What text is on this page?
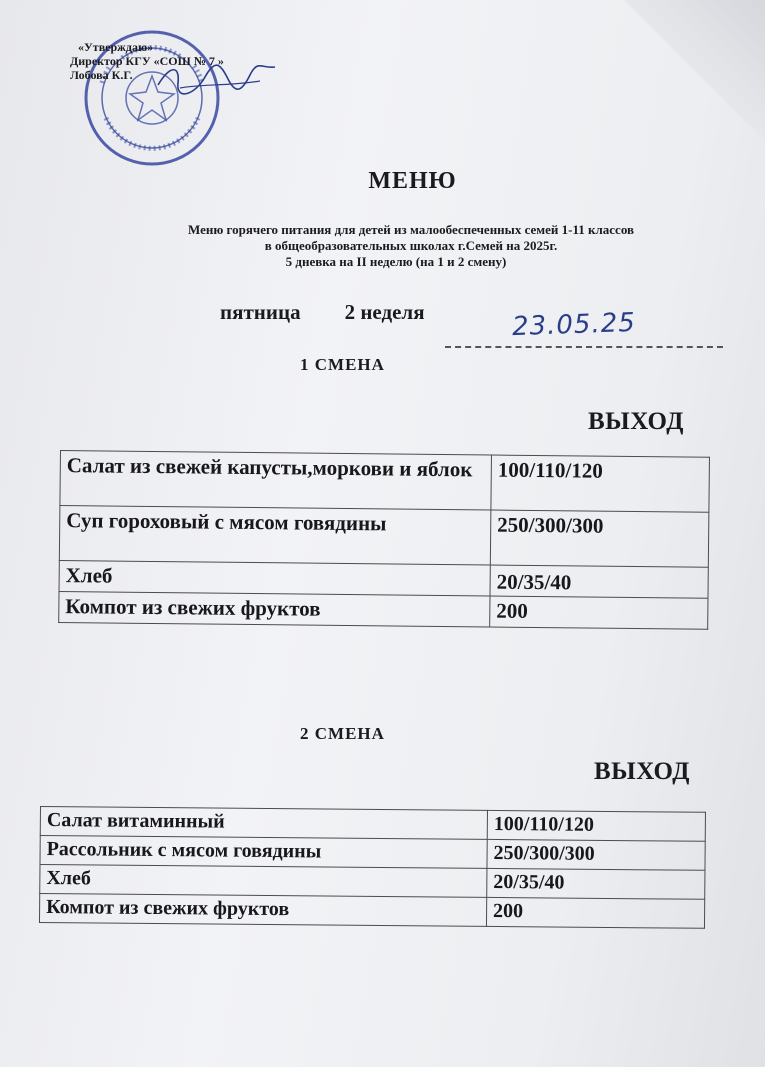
«Утверждаю»
Директор КГУ «СОШ № 7 »
Лобова К.Г.
МЕНЮ
Меню горячего питания для детей из малообеспеченных семей 1-11 классов
в общеобразовательных школах г.Семей на 2025г.
5 дневка на II неделю (на 1 и 2 смену)
пятница 2 неделя	23.05.25
1 СМЕНА
ВЫХОД
Салат из свежей капусты,моркови и яблок	100/110/120
Суп гороховый с мясом говядины	250/300/300
Хлеб	20/35/40
Компот из свежих фруктов	200
2 СМЕНА
ВЫХОД
Салат витаминный	100/110/120
Рассольник с мясом говядины	250/300/300
Хлеб	20/35/40
Компот из свежих фруктов	200
